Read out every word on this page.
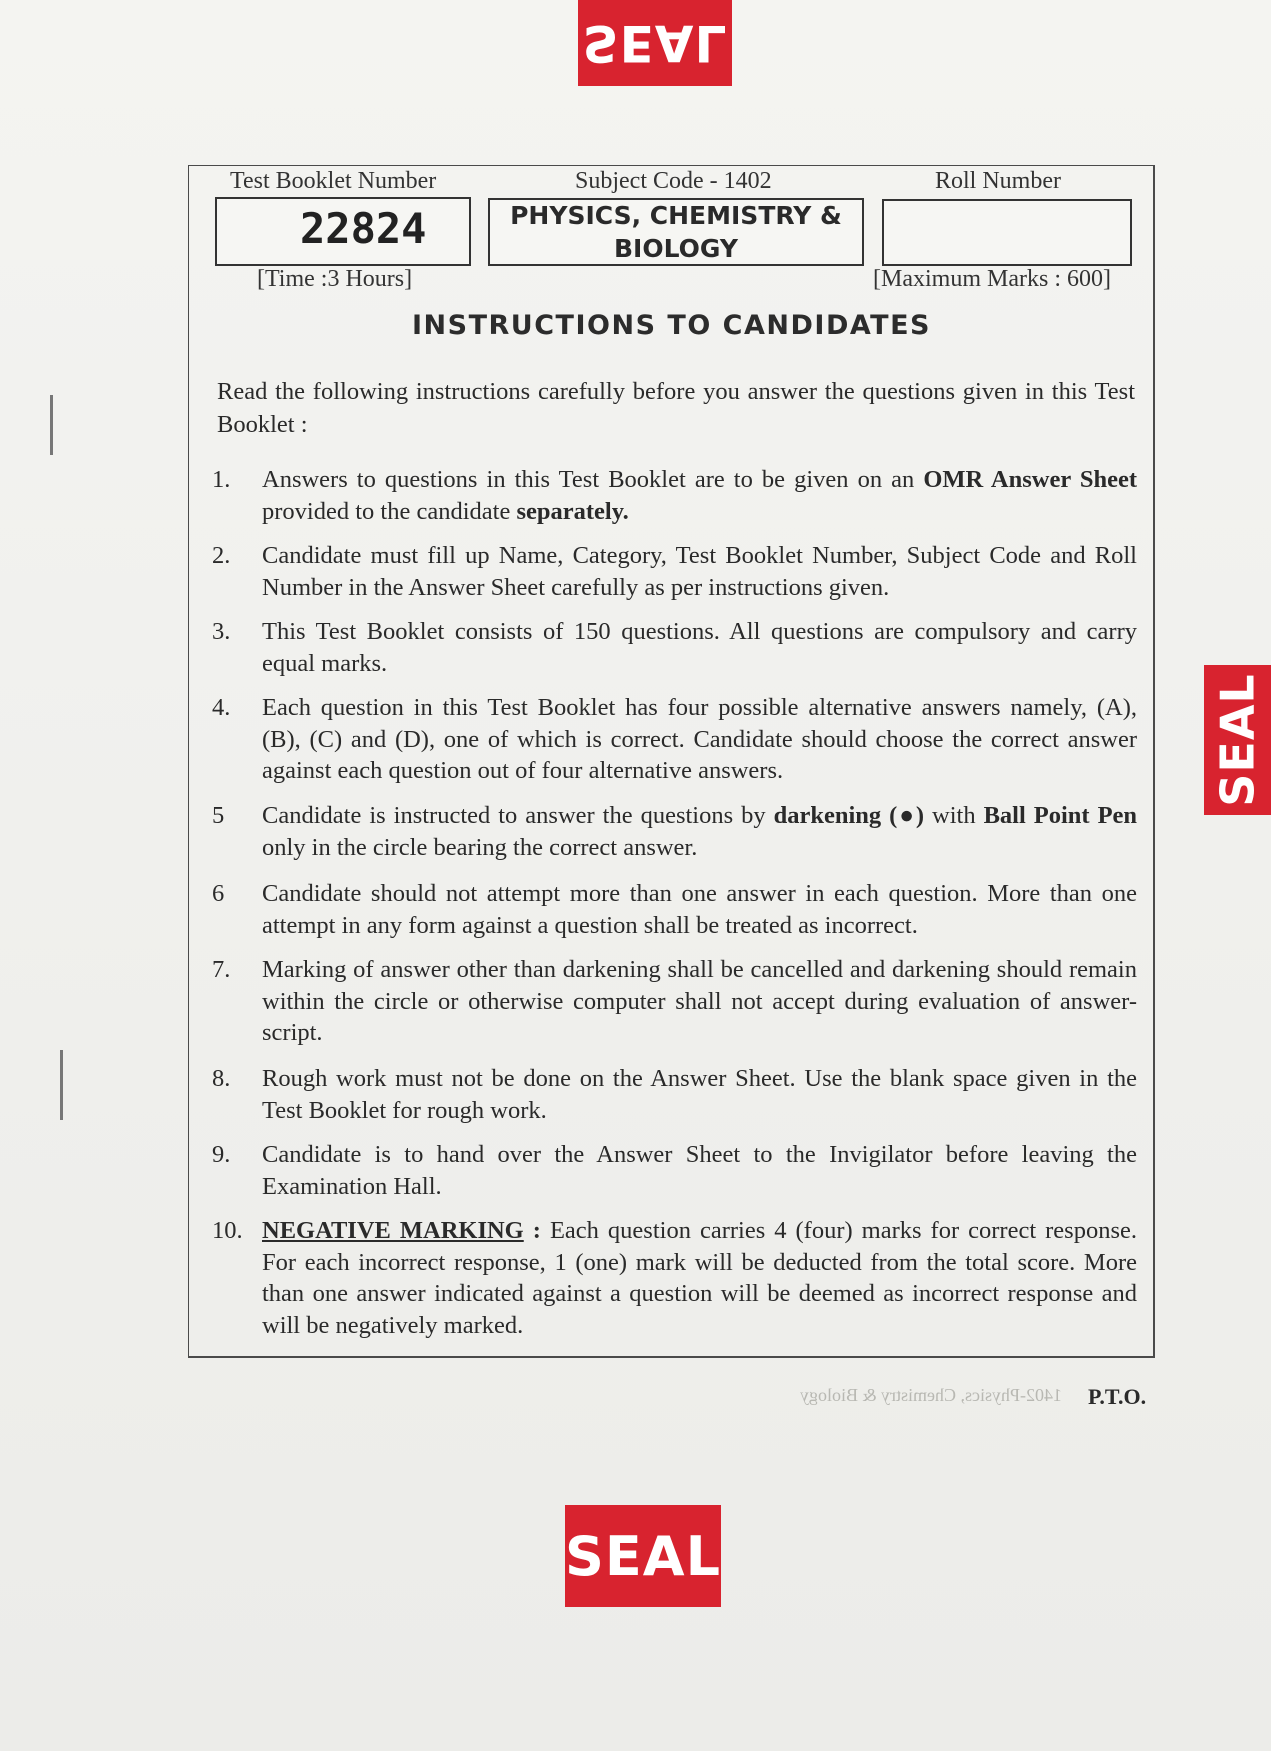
SEAL
SEAL
SEAL
Test Booklet Number	Subject Code - 1402	Roll Number
22824	PHYSICS, CHEMISTRY &
BIOLOGY
[Time :3 Hours]	[Maximum Marks : 600]
INSTRUCTIONS TO CANDIDATES
Read the following instructions carefully before you answer the questions given in this Test Booklet :
1.	Answers to questions in this Test Booklet are to be given on an OMR Answer Sheet provided to the candidate separately.
2.	Candidate must fill up Name, Category, Test Booklet Number, Subject Code and Roll Number in the Answer Sheet carefully as per instructions given.
3.	This Test Booklet consists of 150 questions. All questions are compulsory and carry equal marks.
4.	Each question in this Test Booklet has four possible alternative answers namely, (A), (B), (C) and (D), one of which is correct. Candidate should choose the correct answer against each question out of four alternative answers.
5	Candidate is instructed to answer the questions by darkening (●) with Ball Point Pen only in the circle bearing the correct answer.
6	Candidate should not attempt more than one answer in each question. More than one attempt in any form against a question shall be treated as incorrect.
7.	Marking of answer other than darkening shall be cancelled and darkening should remain within the circle or otherwise computer shall not accept during evaluation of answer-script.
8.	Rough work must not be done on the Answer Sheet. Use the blank space given in the Test Booklet for rough work.
9.	Candidate is to hand over the Answer Sheet to the Invigilator before leaving the Examination Hall.
10. NEGATIVE MARKING : Each question carries 4 (four) marks for correct response. For each incorrect response, 1 (one) mark will be deducted from the total score. More than one answer indicated against a question will be deemed as incorrect response and will be negatively marked.
1402-Physics, Chemistry & Biology P.T.O.
